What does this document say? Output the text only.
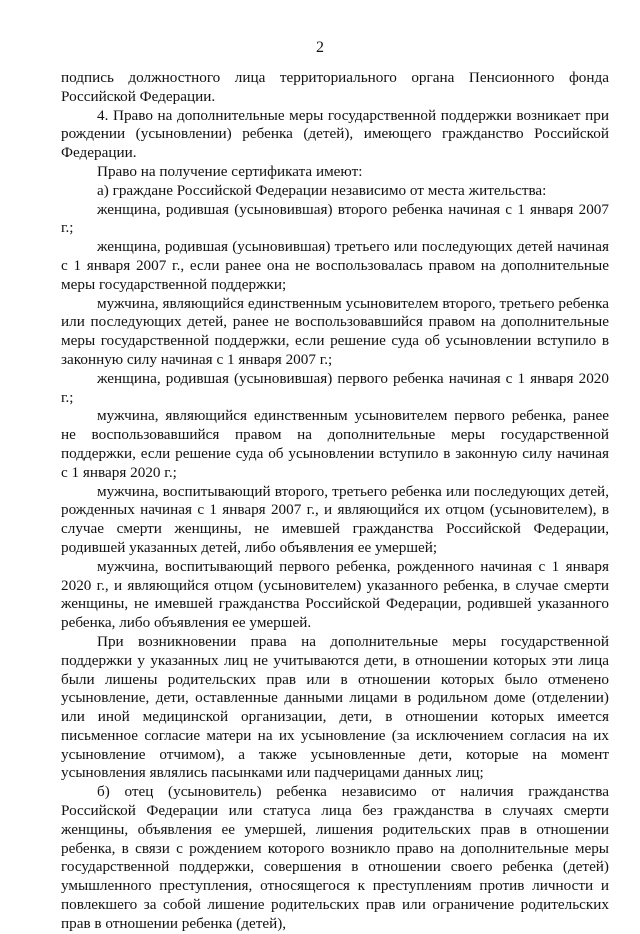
2

подпись должностного лица территориального органа Пенсионного фонда Российской Федерации.

4. Право на дополнительные меры государственной поддержки возникает при рождении (усыновлении) ребенка (детей), имеющего гражданство Российской Федерации.

Право на получение сертификата имеют:

а) граждане Российской Федерации независимо от места жительства:

женщина, родившая (усыновившая) второго ребенка начиная с 1 января 2007 г.;

женщина, родившая (усыновившая) третьего или последующих детей начиная с 1 января 2007 г., если ранее она не воспользовалась правом на дополнительные меры государственной поддержки;

мужчина, являющийся единственным усыновителем второго, третьего ребенка или последующих детей, ранее не воспользовавшийся правом на дополнительные меры государственной поддержки, если решение суда об усыновлении вступило в законную силу начиная с 1 января 2007 г.;

женщина, родившая (усыновившая) первого ребенка начиная с 1 января 2020 г.;

мужчина, являющийся единственным усыновителем первого ребенка, ранее не воспользовавшийся правом на дополнительные меры государственной поддержки, если решение суда об усыновлении вступило в законную силу начиная с 1 января 2020 г.;

мужчина, воспитывающий второго, третьего ребенка или последующих детей, рожденных начиная с 1 января 2007 г., и являющийся их отцом (усыновителем), в случае смерти женщины, не имевшей гражданства Российской Федерации, родившей указанных детей, либо объявления ее умершей;

мужчина, воспитывающий первого ребенка, рожденного начиная с 1 января 2020 г., и являющийся отцом (усыновителем) указанного ребенка, в случае смерти женщины, не имевшей гражданства Российской Федерации, родившей указанного ребенка, либо объявления ее умершей.

При возникновении права на дополнительные меры государственной поддержки у указанных лиц не учитываются дети, в отношении которых эти лица были лишены родительских прав или в отношении которых было отменено усыновление, дети, оставленные данными лицами в родильном доме (отделении) или иной медицинской организации, дети, в отношении которых имеется письменное согласие матери на их усыновление (за исключением согласия на их усыновление отчимом), а также усыновленные дети, которые на момент усыновления являлись пасынками или падчерицами данных лиц;

б) отец (усыновитель) ребенка независимо от наличия гражданства Российской Федерации или статуса лица без гражданства в случаях смерти женщины, объявления ее умершей, лишения родительских прав в отношении ребенка, в связи с рождением которого возникло право на дополнительные меры государственной поддержки, совершения в отношении своего ребенка (детей) умышленного преступления, относящегося к преступлениям против личности и повлекшего за собой лишение родительских прав или ограничение родительских прав в отношении ребенка (детей),
